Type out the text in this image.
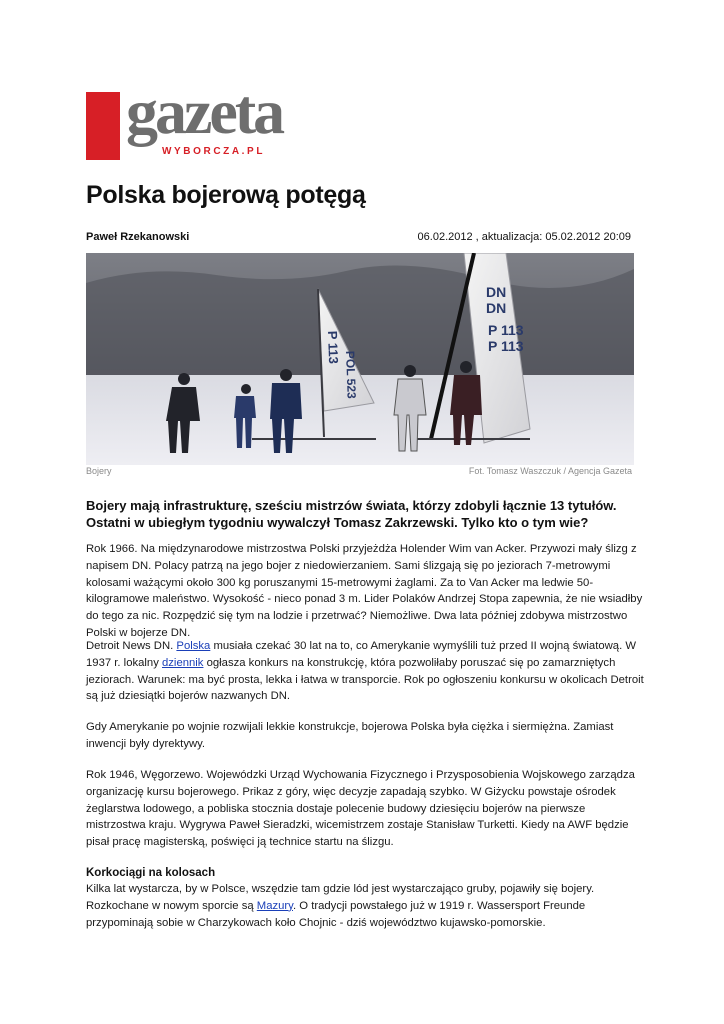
gazeta
WYBORCZA.PL
Polska bojerową potęgą
Paweł Rzekanowski	06.02.2012 , aktualizacja: 05.02.2012 20:09
P 113
POL 523
DN
DN
P 113
P 113
Bojery	Fot. Tomasz Waszczuk / Agencja Gazeta

Bojery mają infrastrukturę, sześciu mistrzów świata, którzy zdobyli łącznie 13 tytułów. Ostatni w ubiegłym tygodniu wywalczył Tomasz Zakrzewski. Tylko kto o tym wie?

Rok 1966. Na międzynarodowe mistrzostwa Polski przyjeżdża Holender Wim van Acker. Przywozi mały ślizg z napisem DN. Polacy patrzą na jego bojer z niedowierzaniem. Sami ślizgają się po jeziorach 7-metrowymi kolosami ważącymi około 300 kg poruszanymi 15-metrowymi żaglami. Za to Van Acker ma ledwie 50-kilogramowe maleństwo. Wysokość - nieco ponad 3 m. Lider Polaków Andrzej Stopa zapewnia, że nie wsiadłby do tego za nic. Rozpędzić się tym na lodzie i przetrwać? Niemożliwe. Dwa lata później zdobywa mistrzostwo Polski w bojerze DN.

Detroit News DN. Polska musiała czekać 30 lat na to, co Amerykanie wymyślili tuż przed II wojną światową. W 1937 r. lokalny dziennik ogłasza konkurs na konstrukcję, która pozwoliłaby poruszać się po zamarzniętych jeziorach. Warunek: ma być prosta, lekka i łatwa w transporcie. Rok po ogłoszeniu konkursu w okolicach Detroit są już dziesiątki bojerów nazwanych DN.

Gdy Amerykanie po wojnie rozwijali lekkie konstrukcje, bojerowa Polska była ciężka i siermiężna. Zamiast inwencji były dyrektywy.

Rok 1946, Węgorzewo. Wojewódzki Urząd Wychowania Fizycznego i Przysposobienia Wojskowego zarządza organizację kursu bojerowego. Prikaz z góry, więc decyzje zapadają szybko. W Giżycku powstaje ośrodek żeglarstwa lodowego, a pobliska stocznia dostaje polecenie budowy dziesięciu bojerów na pierwsze mistrzostwa kraju. Wygrywa Paweł Sieradzki, wicemistrzem zostaje Stanisław Turketti. Kiedy na AWF będzie pisał pracę magisterską, poświęci ją technice startu na ślizgu.

Korkociągi na kolosach

Kilka lat wystarcza, by w Polsce, wszędzie tam gdzie lód jest wystarczająco gruby, pojawiły się bojery. Rozkochane w nowym sporcie są Mazury. O tradycji powstałego już w 1919 r. Wassersport Freunde przypominają sobie w Charzykowach koło Chojnic - dziś województwo kujawsko-pomorskie.
